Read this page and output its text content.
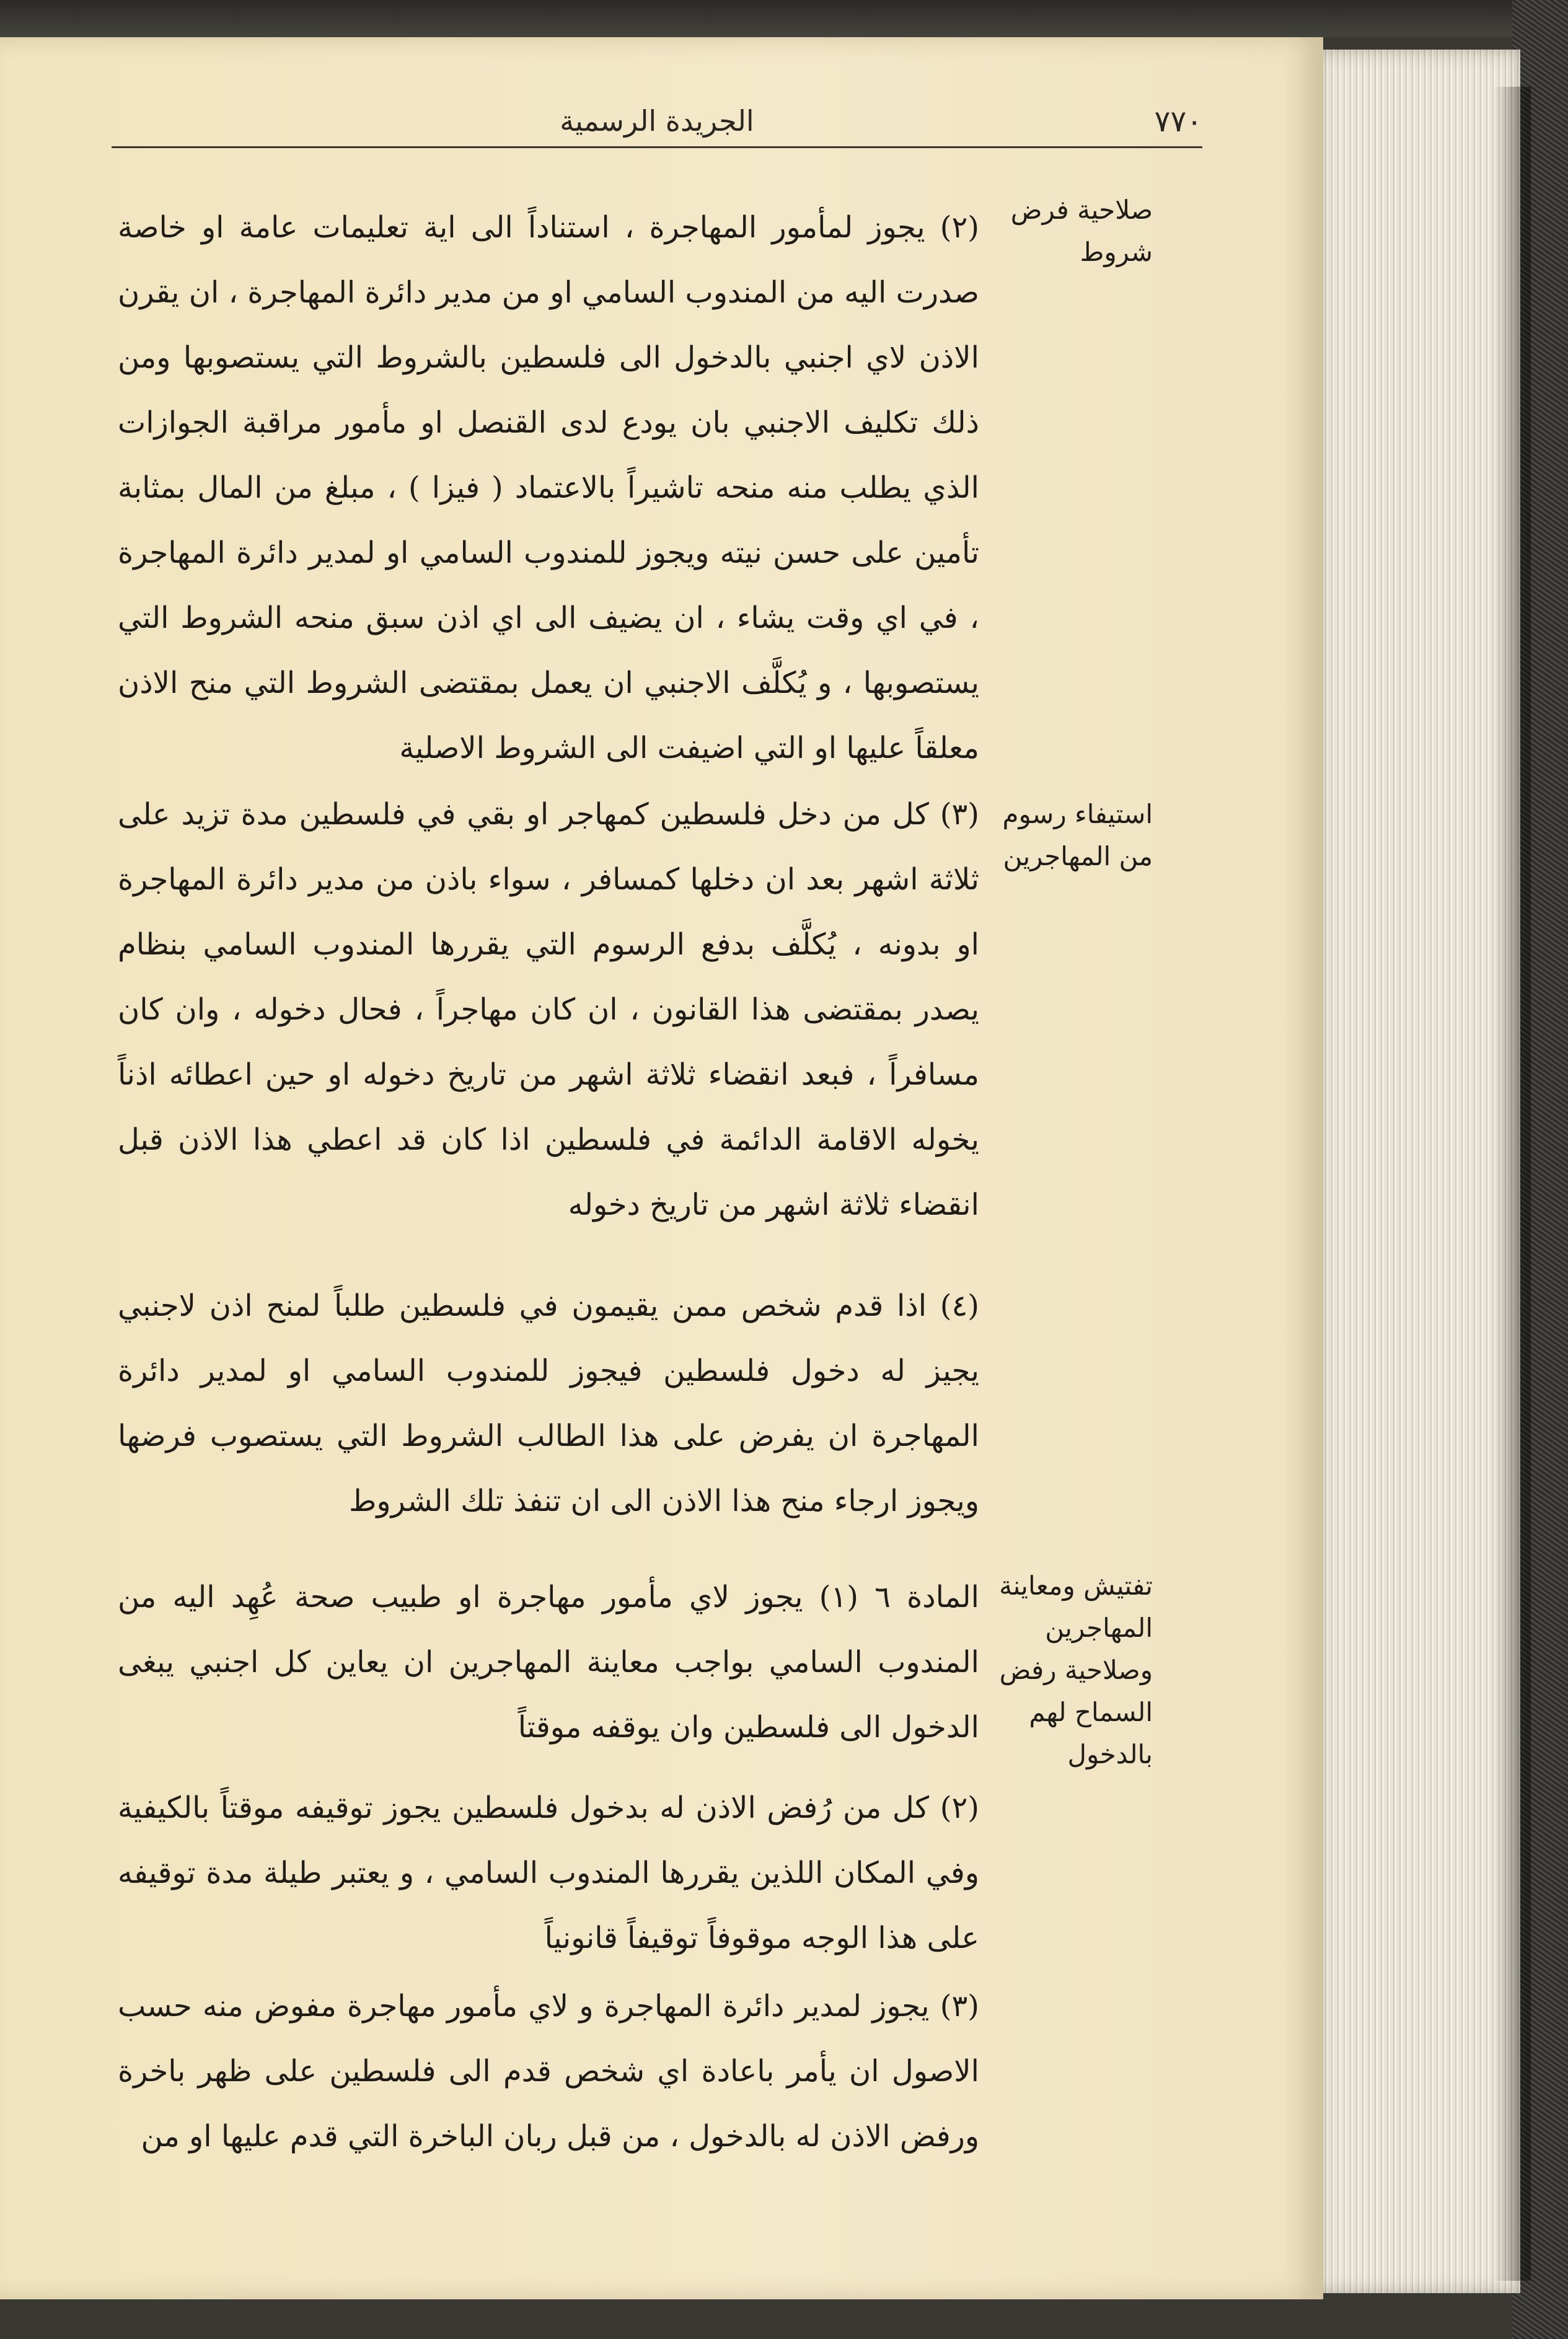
الجريدة الرسمية	٧٧٠
صلاحية فرض شروط

(٢) يجوز لمأمور المهاجرة ، استناداً الى اية تعليمات عامة او خاصة صدرت اليه من المندوب السامي او من مدير دائرة المهاجرة ، ان يقرن الاذن لاي اجنبي بالدخول الى فلسطين بالشروط التي يستصوبها ومن ذلك تكليف الاجنبي بان يودع لدى القنصل او مأمور مراقبة الجوازات الذي يطلب منه منحه تاشيراً بالاعتماد ( فيزا ) ، مبلغ من المال بمثابة تأمين على حسن نيته ويجوز للمندوب السامي او لمدير دائرة المهاجرة ، في اي وقت يشاء ، ان يضيف الى اي اذن سبق منحه الشروط التي يستصوبها ، و يُكلَّف الاجنبي ان يعمل بمقتضى الشروط التي منح الاذن معلقاً عليها او التي اضيفت الى الشروط الاصلية

استيفاء رسوم من المهاجرين

(٣) كل من دخل فلسطين كمهاجر او بقي في فلسطين مدة تزيد على ثلاثة اشهر بعد ان دخلها كمسافر ، سواء باذن من مدير دائرة المهاجرة او بدونه ، يُكلَّف بدفع الرسوم التي يقررها المندوب السامي بنظام يصدر بمقتضى هذا القانون ، ان كان مهاجراً ، فحال دخوله ، وان كان مسافراً ، فبعد انقضاء ثلاثة اشهر من تاريخ دخوله او حين اعطائه اذناً يخوله الاقامة الدائمة في فلسطين اذا كان قد اعطي هذا الاذن قبل انقضاء ثلاثة اشهر من تاريخ دخوله

(٤) اذا قدم شخص ممن يقيمون في فلسطين طلباً لمنح اذن لاجنبي يجيز له دخول فلسطين فيجوز للمندوب السامي او لمدير دائرة المهاجرة ان يفرض على هذا الطالب الشروط التي يستصوب فرضها ويجوز ارجاء منح هذا الاذن الى ان تنفذ تلك الشروط

تفتيش ومعاينة المهاجرين وصلاحية رفض السماح لهم بالدخول

المادة ٦ (١) يجوز لاي مأمور مهاجرة او طبيب صحة عُهِد اليه من المندوب السامي بواجب معاينة المهاجرين ان يعاين كل اجنبي يبغى الدخول الى فلسطين وان يوقفه موقتاً

(٢) كل من رُفض الاذن له بدخول فلسطين يجوز توقيفه موقتاً بالكيفية وفي المكان اللذين يقررها المندوب السامي ، و يعتبر طيلة مدة توقيفه على هذا الوجه موقوفاً توقيفاً قانونياً

(٣) يجوز لمدير دائرة المهاجرة و لاي مأمور مهاجرة مفوض منه حسب الاصول ان يأمر باعادة اي شخص قدم الى فلسطين على ظهر باخرة ورفض الاذن له بالدخول ، من قبل ربان الباخرة التي قدم عليها او من
